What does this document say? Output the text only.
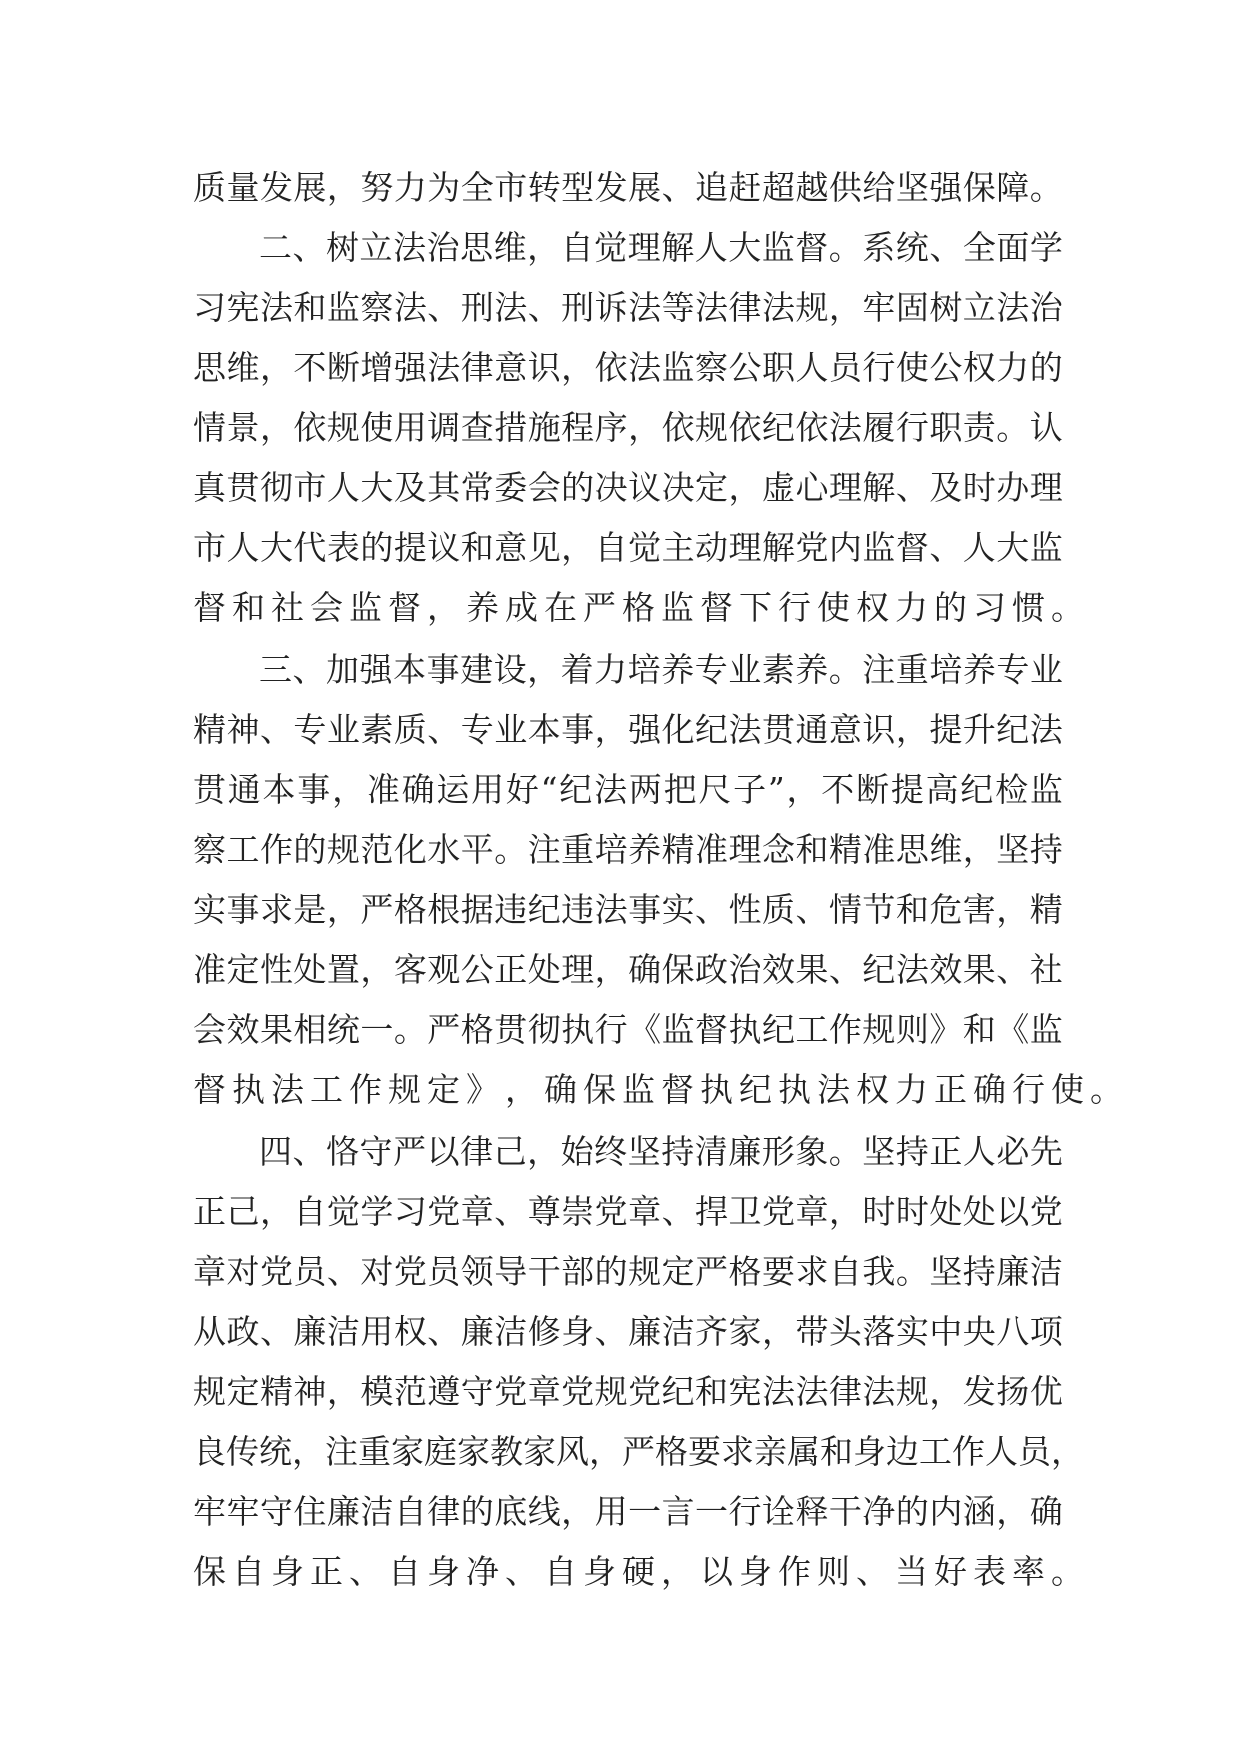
质 量 发 展 ， 努 力 为 全 市 转 型 发 展 、 追 赶 超 越 供 给 坚 强 保 障 。
二 、 树 立 法 治 思 维 ， 自 觉 理 解 人 大 监 督 。 系 统 、 全 面 学
习 宪 法 和 监 察 法 、 刑 法 、 刑 诉 法 等 法 律 法 规 ， 牢 固 树 立 法 治
思 维 ， 不 断 增 强 法 律 意 识 ， 依 法 监 察 公 职 人 员 行 使 公 权 力 的
情 景 ， 依 规 使 用 调 查 措 施 程 序 ， 依 规 依 纪 依 法 履 行 职 责 。 认
真 贯 彻 市 人 大 及 其 常 委 会 的 决 议 决 定 ， 虚 心 理 解 、 及 时 办 理
市 人 大 代 表 的 提 议 和 意 见 ， 自 觉 主 动 理 解 党 内 监 督 、 人 大 监
督 和 社 会 监 督 ， 养 成 在 严 格 监 督 下 行 使 权 力 的 习 惯 。
三 、 加 强 本 事 建 设 ， 着 力 培 养 专 业 素 养 。 注 重 培 养 专 业
精 神 、 专 业 素 质 、 专 业 本 事 ， 强 化 纪 法 贯 通 意 识 ， 提 升 纪 法
贯 通 本 事 ， 准 确 运 用 好 “ 纪 法 两 把 尺 子 ” ， 不 断 提 高 纪 检 监
察 工 作 的 规 范 化 水 平 。 注 重 培 养 精 准 理 念 和 精 准 思 维 ， 坚 持
实 事 求 是 ， 严 格 根 据 违 纪 违 法 事 实 、 性 质 、 情 节 和 危 害 ， 精
准 定 性 处 置 ， 客 观 公 正 处 理 ， 确 保 政 治 效 果 、 纪 法 效 果 、 社
会 效 果 相 统 一 。 严 格 贯 彻 执 行 《 监 督 执 纪 工 作 规 则 》 和 《 监
督 执 法 工 作 规 定 》 ， 确 保 监 督 执 纪 执 法 权 力 正 确 行 使 。
四 、 恪 守 严 以 律 己 ， 始 终 坚 持 清 廉 形 象 。 坚 持 正 人 必 先
正 己 ， 自 觉 学 习 党 章 、 尊 崇 党 章 、 捍 卫 党 章 ， 时 时 处 处 以 党
章 对 党 员 、 对 党 员 领 导 干 部 的 规 定 严 格 要 求 自 我 。 坚 持 廉 洁
从 政 、 廉 洁 用 权 、 廉 洁 修 身 、 廉 洁 齐 家 ， 带 头 落 实 中 央 八 项
规 定 精 神 ， 模 范 遵 守 党 章 党 规 党 纪 和 宪 法 法 律 法 规 ， 发 扬 优
良 传 统 ， 注 重 家 庭 家 教 家 风 ， 严 格 要 求 亲 属 和 身 边 工 作 人 员 ，
牢 牢 守 住 廉 洁 自 律 的 底 线 ， 用 一 言 一 行 诠 释 干 净 的 内 涵 ， 确
保 自 身 正 、 自 身 净 、 自 身 硬 ， 以 身 作 则 、 当 好 表 率 。
